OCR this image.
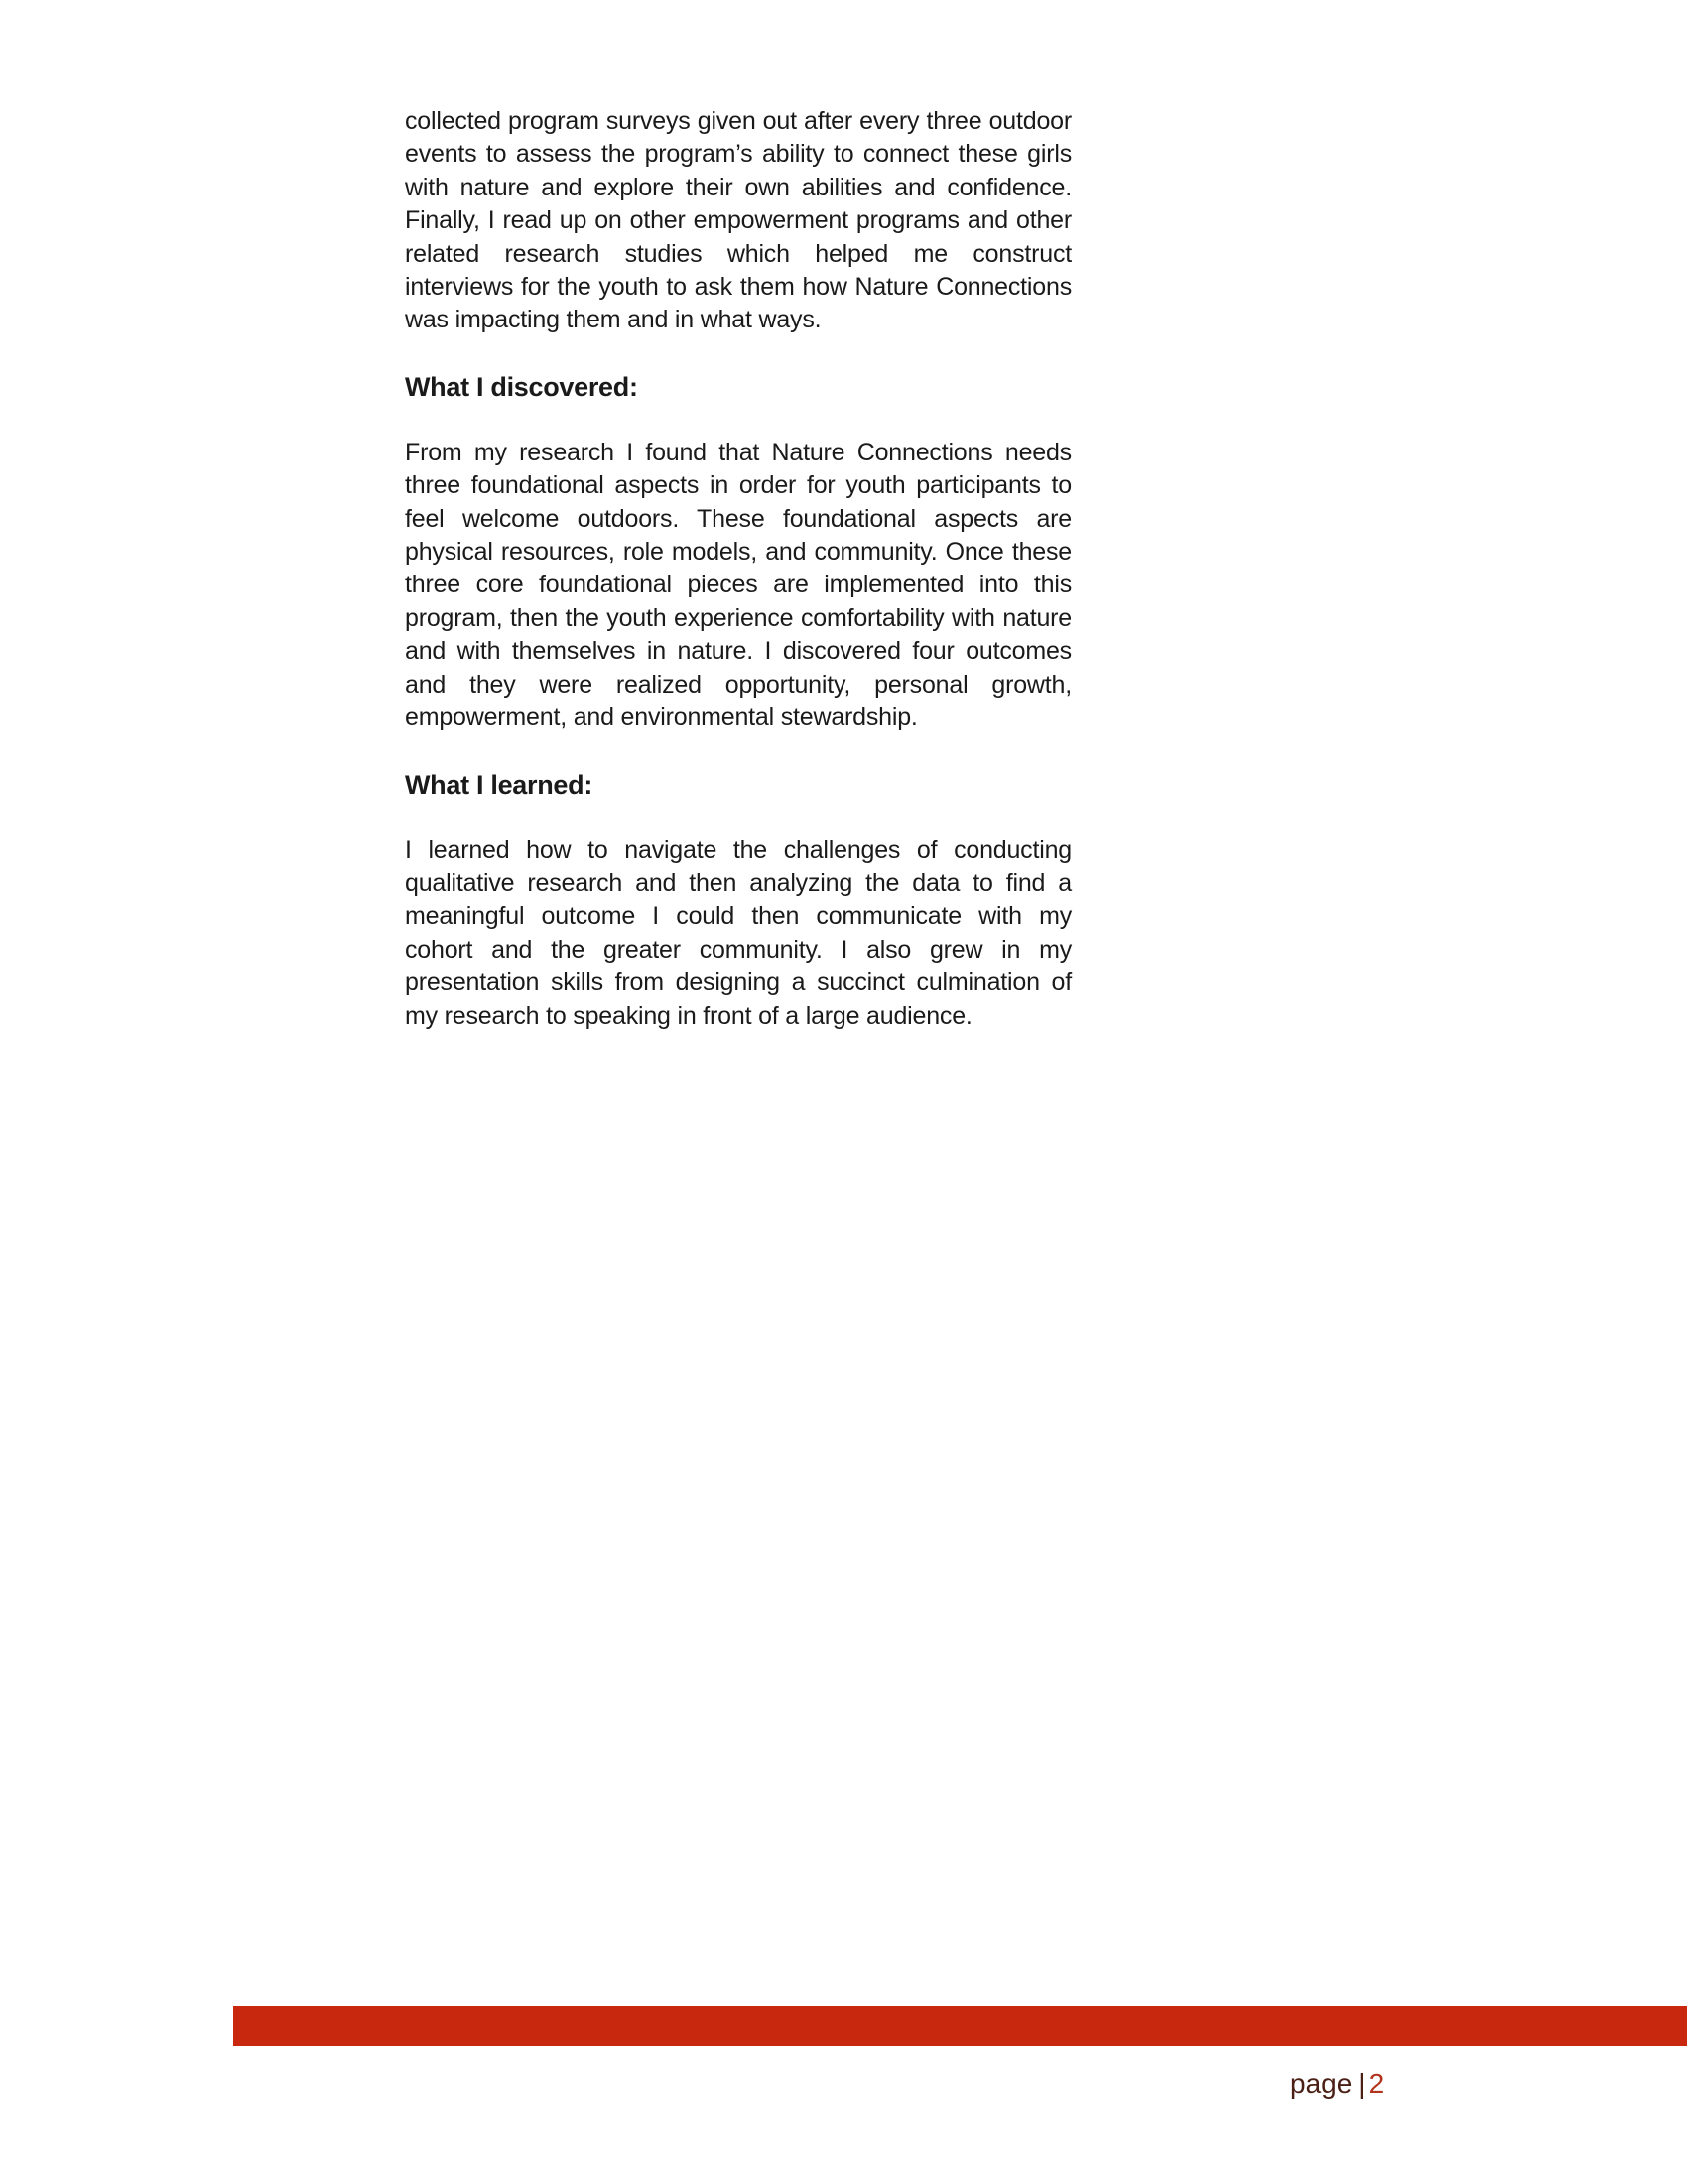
collected program surveys given out after every three outdoor events to assess the program’s ability to connect these girls with nature and explore their own abilities and confidence. Finally, I read up on other empowerment programs and other related research studies which helped me construct interviews for the youth to ask them how Nature Connections was impacting them and in what ways.

What I discovered:

From my research I found that Nature Connections needs three foundational aspects in order for youth participants to feel welcome outdoors. These foundational aspects are physical resources, role models, and community. Once these three core foundational pieces are implemented into this program, then the youth experience comfortability with nature and with themselves in nature. I discovered four outcomes and they were realized opportunity, personal growth, empowerment, and environmental stewardship.

What I learned:

I learned how to navigate the challenges of conducting qualitative research and then analyzing the data to find a meaningful outcome I could then communicate with my cohort and the greater community. I also grew in my presentation skills from designing a succinct culmination of my research to speaking in front of a large audience.

page | 2
